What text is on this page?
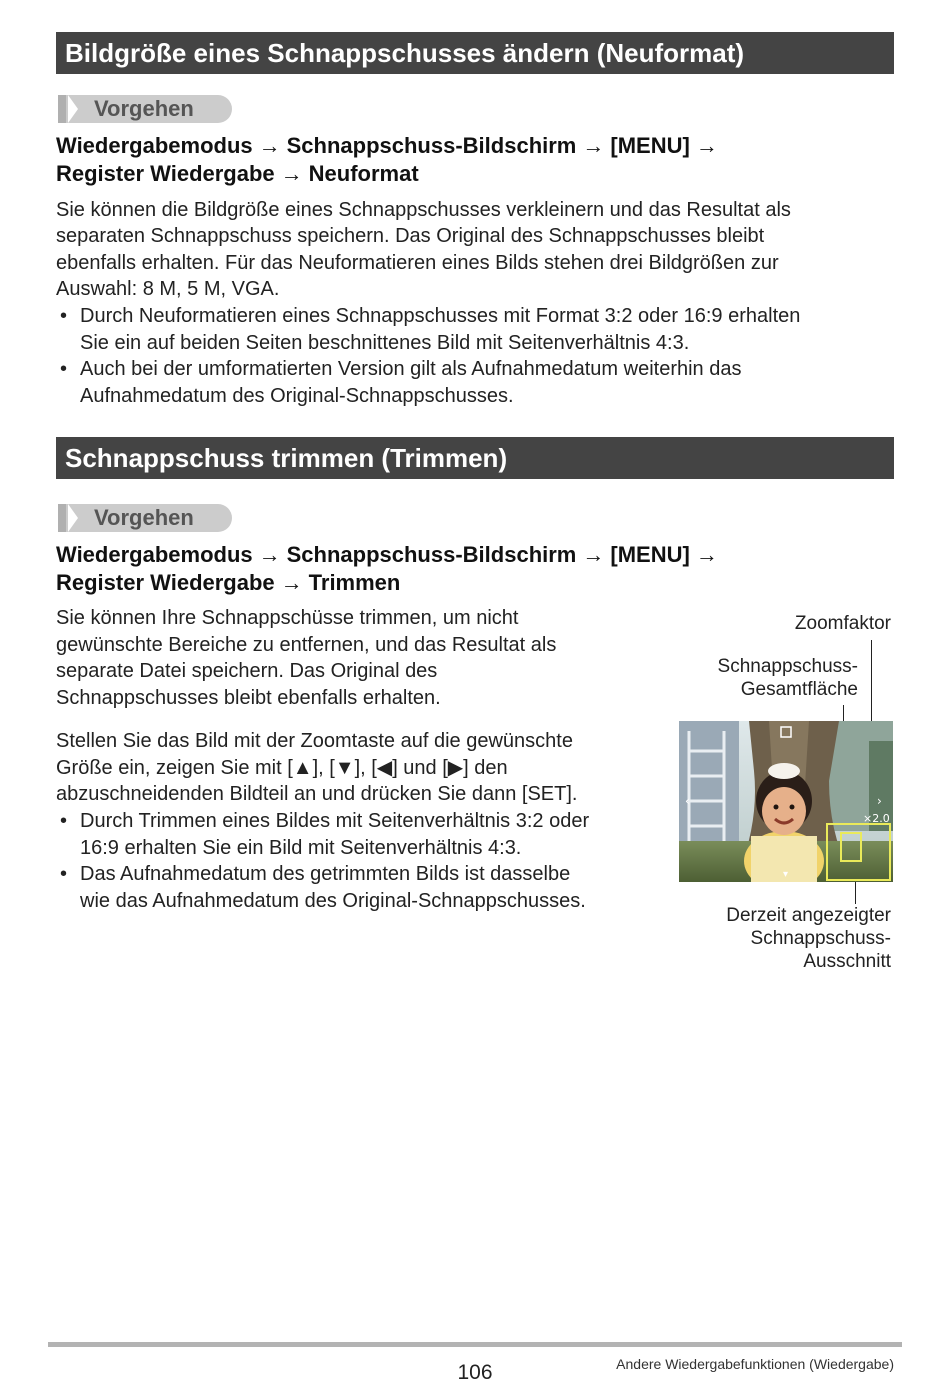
Bildgröße eines Schnappschusses ändern (Neuformat)
Vorgehen
Wiedergabemodus → Schnappschuss-Bildschirm → [MENU] →
Register Wiedergabe → Neuformat
Sie können die Bildgröße eines Schnappschusses verkleinern und das Resultat als
separaten Schnappschuss speichern. Das Original des Schnappschusses bleibt
ebenfalls erhalten. Für das Neuformatieren eines Bilds stehen drei Bildgrößen zur
Auswahl: 8 M, 5 M, VGA.
• Durch Neuformatieren eines Schnappschusses mit Format 3:2 oder 16:9 erhalten
Sie ein auf beiden Seiten beschnittenes Bild mit Seitenverhältnis 4:3.
• Auch bei der umformatierten Version gilt als Aufnahmedatum weiterhin das
Aufnahmedatum des Original-Schnappschusses.
Schnappschuss trimmen (Trimmen)
Vorgehen
Wiedergabemodus → Schnappschuss-Bildschirm → [MENU] →
Register Wiedergabe → Trimmen
Sie können Ihre Schnappschüsse trimmen, um nicht
gewünschte Bereiche zu entfernen, und das Resultat als
separate Datei speichern. Das Original des
Schnappschusses bleibt ebenfalls erhalten.
Stellen Sie das Bild mit der Zoomtaste auf die gewünschte
Größe ein, zeigen Sie mit [▲], [▼], [◀] und [▶] den
abzuschneidenden Bildteil an und drücken Sie dann [SET].
• Durch Trimmen eines Bildes mit Seitenverhältnis 3:2 oder
16:9 erhalten Sie ein Bild mit Seitenverhältnis 4:3.
• Das Aufnahmedatum des getrimmten Bilds ist dasselbe
wie das Aufnahmedatum des Original-Schnappschusses.
Zoomfaktor
Schnappschuss-
Gesamtfläche
Derzeit angezeigter
Schnappschuss-
Ausschnitt
‹	›
▾
×2.0
106	Andere Wiedergabefunktionen (Wiedergabe)
